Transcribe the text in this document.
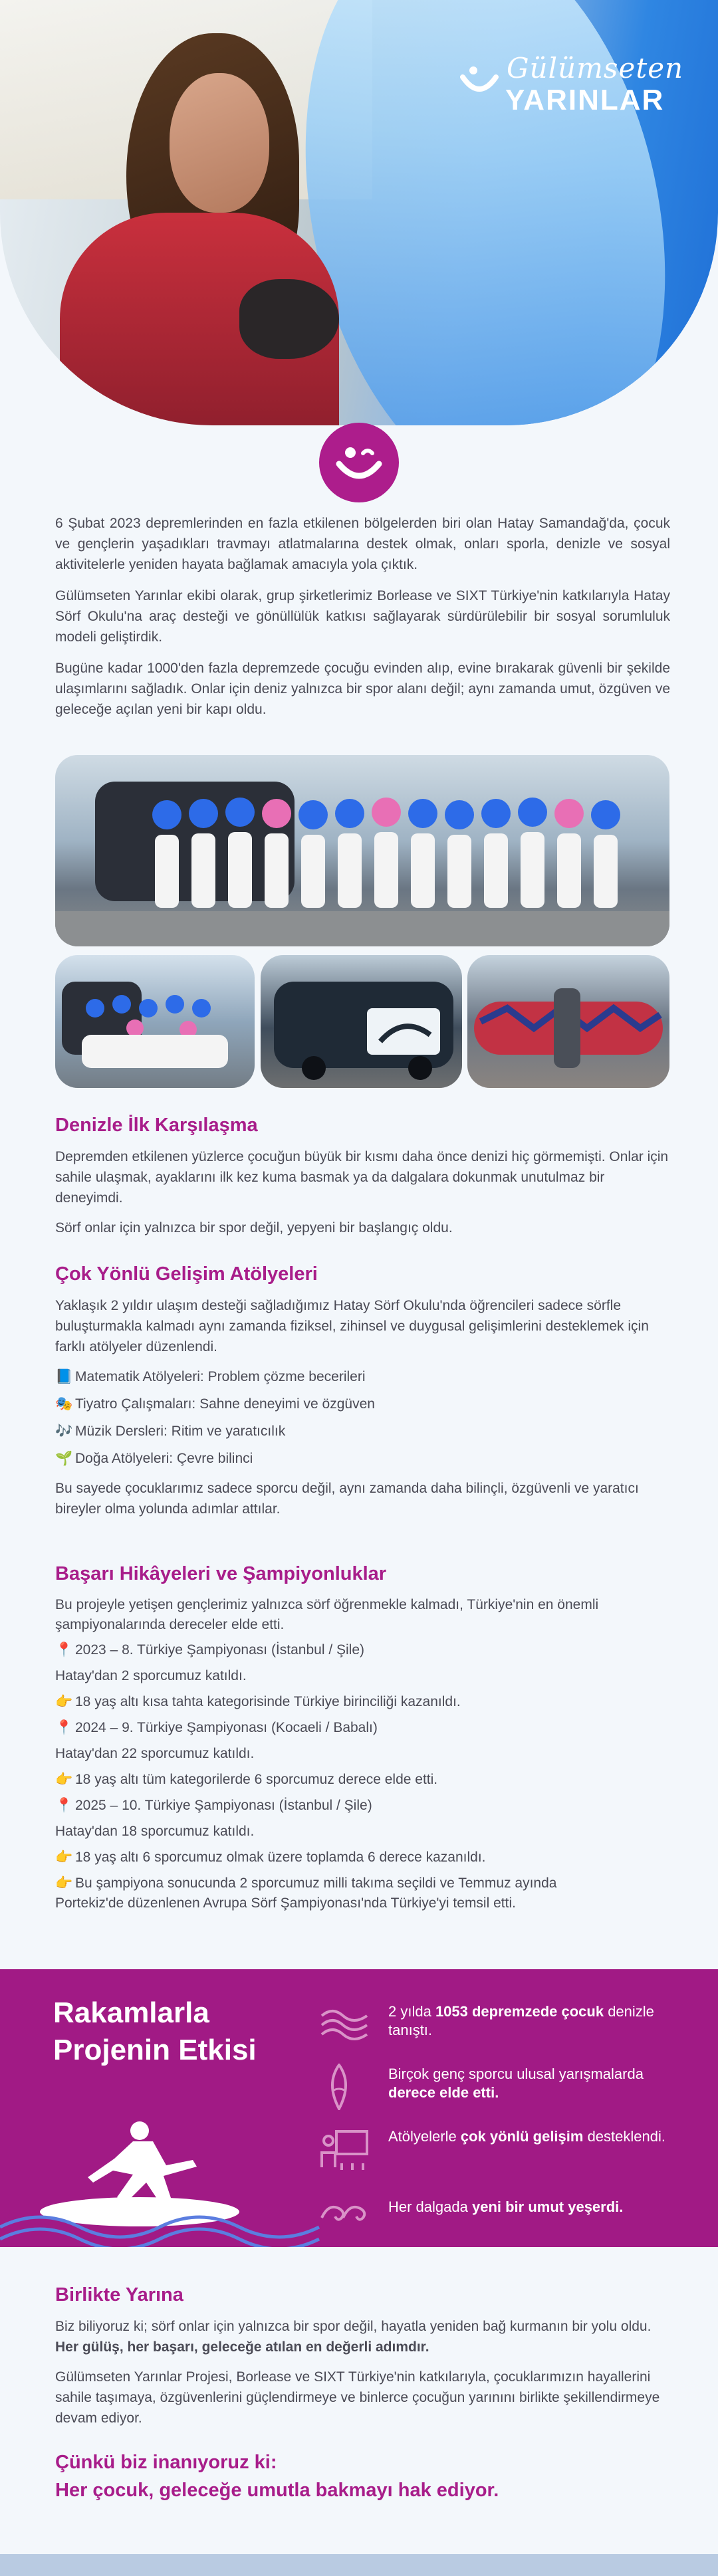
Gülümseten
YARINLAR

6 Şubat 2023 depremlerinden en fazla etkilenen bölgelerden biri olan Hatay Samandağ'da, çocuk ve gençlerin yaşadıkları travmayı atlatmalarına destek olmak, onları sporla, denizle ve sosyal aktivitelerle yeniden hayata bağlamak amacıyla yola çıktık.

Gülümseten Yarınlar ekibi olarak, grup şirketlerimiz Borlease ve SIXT Türkiye'nin katkılarıyla Hatay Sörf Okulu'na araç desteği ve gönüllülük katkısı sağlayarak sürdürülebilir bir sosyal sorumluluk modeli geliştirdik.

Bugüne kadar 1000'den fazla depremzede çocuğu evinden alıp, evine bırakarak güvenli bir şekilde ulaşımlarını sağladık. Onlar için deniz yalnızca bir spor alanı değil; aynı zamanda umut, özgüven ve geleceğe açılan yeni bir kapı oldu.

Denizle İlk Karşılaşma

Depremden etkilenen yüzlerce çocuğun büyük bir kısmı daha önce denizi hiç görmemişti. Onlar için sahile ulaşmak, ayaklarını ilk kez kuma basmak ya da dalgalara dokunmak unutulmaz bir deneyimdi.

Sörf onlar için yalnızca bir spor değil, yepyeni bir başlangıç oldu.

Çok Yönlü Gelişim Atölyeleri

Yaklaşık 2 yıldır ulaşım desteği sağladığımız Hatay Sörf Okulu'nda öğrencileri sadece sörfle buluşturmakla kalmadı aynı zamanda fiziksel, zihinsel ve duygusal gelişimlerini desteklemek için farklı atölyeler düzenlendi.

📘 Matematik Atölyeleri: Problem çözme becerileri
🎭 Tiyatro Çalışmaları: Sahne deneyimi ve özgüven
🎶 Müzik Dersleri: Ritim ve yaratıcılık
🌱 Doğa Atölyeleri: Çevre bilinci

Bu sayede çocuklarımız sadece sporcu değil, aynı zamanda daha bilinçli, özgüvenli ve yaratıcı bireyler olma yolunda adımlar attılar.

Başarı Hikâyeleri ve Şampiyonluklar

Bu projeyle yetişen gençlerimiz yalnızca sörf öğrenmekle kalmadı, Türkiye'nin en önemli şampiyonalarında dereceler elde etti.

📍 2023 – 8. Türkiye Şampiyonası (İstanbul / Şile)
Hatay'dan 2 sporcumuz katıldı.
👉 18 yaş altı kısa tahta kategorisinde Türkiye birinciliği kazanıldı.
📍 2024 – 9. Türkiye Şampiyonası (Kocaeli / Babalı)
Hatay'dan 22 sporcumuz katıldı.
👉 18 yaş altı tüm kategorilerde 6 sporcumuz derece elde etti.
📍 2025 – 10. Türkiye Şampiyonası (İstanbul / Şile)
Hatay'dan 18 sporcumuz katıldı.
👉 18 yaş altı 6 sporcumuz olmak üzere toplamda 6 derece kazanıldı.
👉 Bu şampiyona sonucunda 2 sporcumuz milli takıma seçildi ve Temmuz ayında
Portekiz'de düzenlenen Avrupa Sörf Şampiyonası'nda Türkiye'yi temsil etti.
Rakamlarla
Projenin Etkisi
2 yılda 1053 depremzede çocuk denizle tanıştı.
Birçok genç sporcu ulusal yarışmalarda derece elde etti.
Atölyelerle çok yönlü gelişim desteklendi.
Her dalgada yeni bir umut yeşerdi.
Birlikte Yarına

Biz biliyoruz ki; sörf onlar için yalnızca bir spor değil, hayatla yeniden bağ kurmanın bir yolu oldu. Her gülüş, her başarı, geleceğe atılan en değerli adımdır.

Gülümseten Yarınlar Projesi, Borlease ve SIXT Türkiye'nin katkılarıyla, çocuklarımızın hayallerini sahile taşımaya, özgüvenlerini güçlendirmeye ve binlerce çocuğun yarınını birlikte şekillendirmeye devam ediyor.

Çünkü biz inanıyoruz ki:
Her çocuk, geleceğe umutla bakmayı hak ediyor.
